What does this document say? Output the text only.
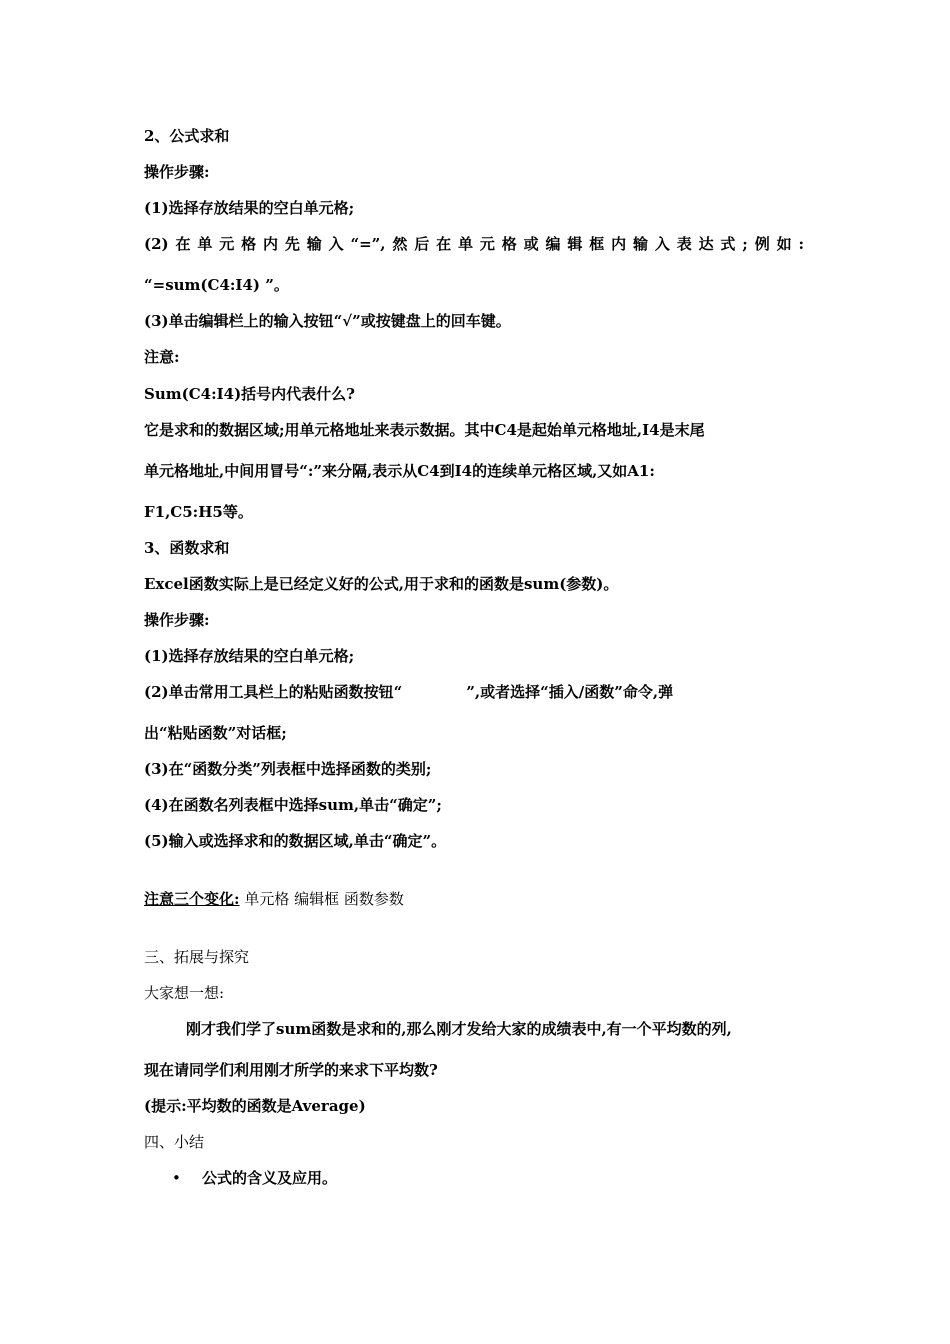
2、公式求和
操作步骤:
(1)选择存放结果的空白单元格;
(2)在单元格内先输入“=”,然后在单元格或编辑框内输入表达式;例如:
“=sum(C4:I4) ”。
(3)单击编辑栏上的输入按钮“√”或按键盘上的回车键。
注意:
Sum(C4:I4)括号内代表什么?
它是求和的数据区域;用单元格地址来表示数据。其中C4是起始单元格地址,I4是末尾
单元格地址,中间用冒号“:”来分隔,表示从C4到I4的连续单元格区域,又如A1:
F1,C5:H5等。
3、函数求和
Excel函数实际上是已经定义好的公式,用于求和的函数是sum(参数)。
操作步骤:
(1)选择存放结果的空白单元格;
(2)单击常用工具栏上的粘贴函数按钮“	”,或者选择“插入/函数”命令,弹
出“粘贴函数”对话框;
(3)在“函数分类”列表框中选择函数的类别;
(4)在函数名列表框中选择sum,单击“确定”;
(5)输入或选择求和的数据区域,单击“确定”。
注意三个变化: 单元格 编辑框 函数参数
三、拓展与探究
大家想一想:
刚才我们学了sum函数是求和的,那么刚才发给大家的成绩表中,有一个平均数的列,
现在请同学们利用刚才所学的来求下平均数?
(提示:平均数的函数是Average)
四、小结
• 公式的含义及应用。
